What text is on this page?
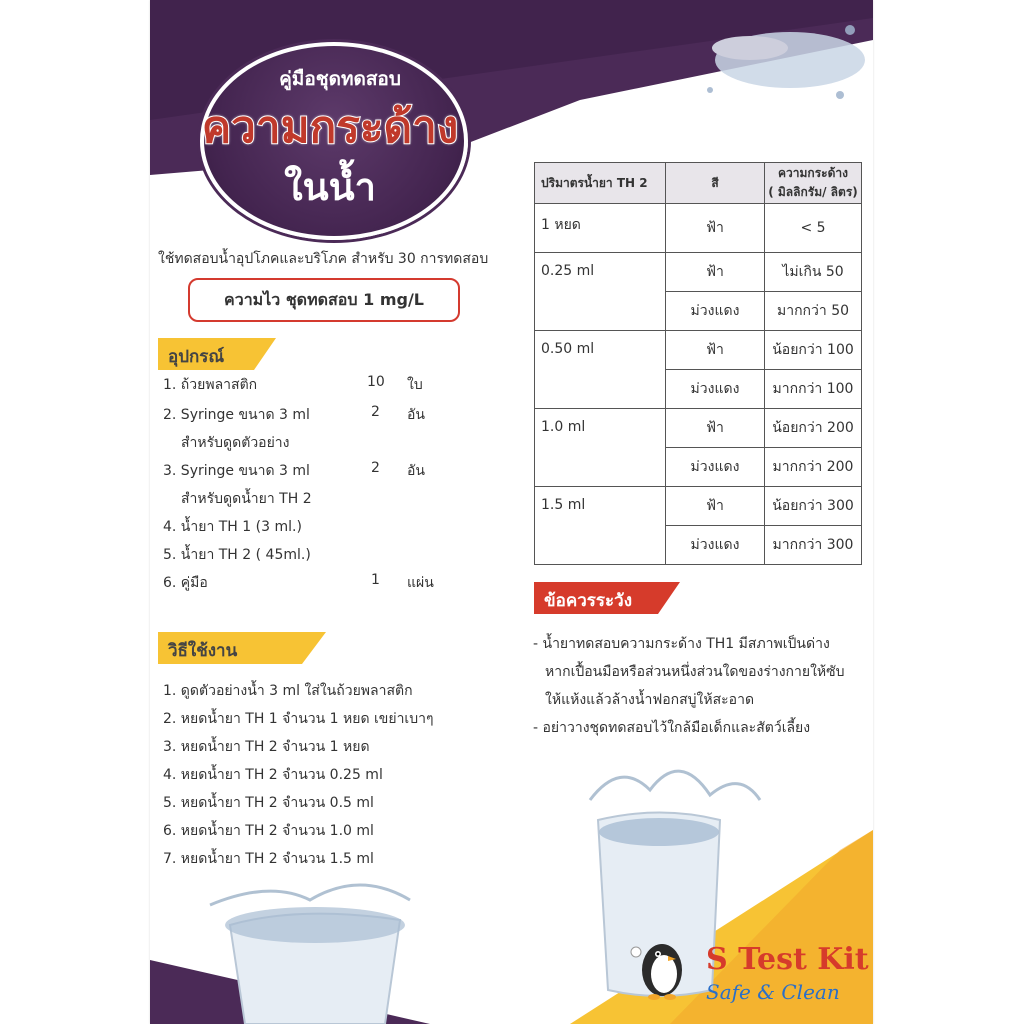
คู่มือชุดทดสอบ
ความกระด้าง
ในน้ำ
ใช้ทดสอบน้ำอุปโภคและบริโภค สำหรับ 30 การทดสอบ
ความไว ชุดทดสอบ 1 mg/L
อุปกรณ์
1. ถ้วยพลาสติก	10 ใบ
2. Syringe ขนาด 3 ml	2 อัน
สำหรับดูดตัวอย่าง
3. Syringe ขนาด 3 ml	2 อัน
สำหรับดูดน้ำยา TH 2
4. น้ำยา TH 1 (3 ml.)
5. น้ำยา TH 2 ( 45ml.)
6. คู่มือ	1 แผ่น
วิธีใช้งาน
1. ดูดตัวอย่างน้ำ 3 ml ใส่ในถ้วยพลาสติก
2. หยดน้ำยา TH 1 จำนวน 1 หยด เขย่าเบาๆ
3. หยดน้ำยา TH 2 จำนวน 1 หยด
4. หยดน้ำยา TH 2 จำนวน 0.25 ml
5. หยดน้ำยา TH 2 จำนวน 0.5 ml
6. หยดน้ำยา TH 2 จำนวน 1.0 ml
7. หยดน้ำยา TH 2 จำนวน 1.5 ml
ปริมาตรน้ำยา TH 2	สี	ความกระด้าง
( มิลลิกรัม/ ลิตร)

1 หยด	ฟ้า	< 5
0.25 ml	ฟ้า	ไม่เกิน 50
	ม่วงแดง	มากกว่า 50
0.50 ml	ฟ้า	น้อยกว่า 100
	ม่วงแดง	มากกว่า 100
1.0 ml	ฟ้า	น้อยกว่า 200
	ม่วงแดง	มากกว่า 200
1.5 ml	ฟ้า	น้อยกว่า 300
	ม่วงแดง	มากกว่า 300
ข้อควรระวัง
- น้ำยาทดสอบความกระด้าง TH1 มีสภาพเป็นด่าง
หากเปื้อนมือหรือส่วนหนึ่งส่วนใดของร่างกายให้ซับ
ให้แห้งแล้วล้างน้ำฟอกสบู่ให้สะอาด
- อย่าวางชุดทดสอบไว้ใกล้มือเด็กและสัตว์เลี้ยง
S Test Kit
Safe & Clean
